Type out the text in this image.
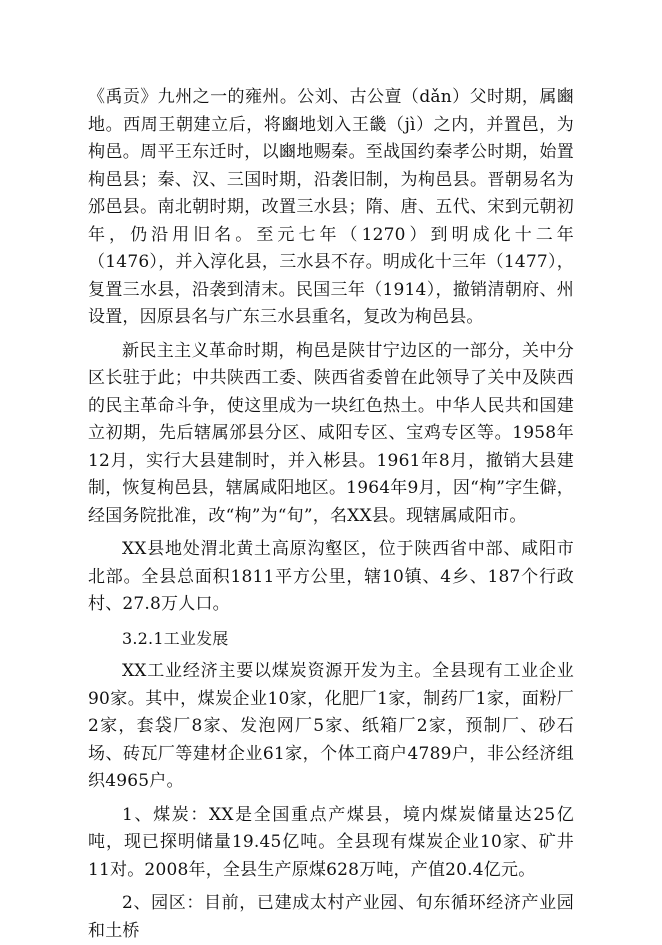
《禹贡》九州之一的雍州。公刘、古公亶（dǎn）父时期，属豳地。西周王朝建立后，将豳地划入王畿（jì）之内，并置邑，为栒邑。周平王东迁时，以豳地赐秦。至战国约秦孝公时期，始置栒邑县；秦、汉、三国时期，沿袭旧制，为栒邑县。晋朝易名为邠邑县。南北朝时期，改置三水县；隋、唐、五代、宋到元朝初年，仍沿用旧名。至元七年（1270）到明成化十二年（1476），并入淳化县，三水县不存。明成化十三年（1477），复置三水县，沿袭到清末。民国三年（1914），撤销清朝府、州设置，因原县名与广东三水县重名，复改为栒邑县。

新民主主义革命时期，栒邑是陕甘宁边区的一部分，关中分区长驻于此；中共陕西工委、陕西省委曾在此领导了关中及陕西的民主革命斗争，使这里成为一块红色热土。中华人民共和国建立初期，先后辖属邠县分区、咸阳专区、宝鸡专区等。1958年12月，实行大县建制时，并入彬县。1961年8月，撤销大县建制，恢复栒邑县，辖属咸阳地区。1964年9月，因“栒”字生僻，经国务院批准，改“栒”为“旬”，名XX县。现辖属咸阳市。

XX县地处渭北黄土高原沟壑区，位于陕西省中部、咸阳市北部。全县总面积1811平方公里，辖10镇、4乡、187个行政村、27.8万人口。

3.2.1工业发展

XX工业经济主要以煤炭资源开发为主。全县现有工业企业90家。其中，煤炭企业10家，化肥厂1家，制药厂1家，面粉厂2家，套袋厂8家、发泡网厂5家、纸箱厂2家，预制厂、砂石场、砖瓦厂等建材企业61家，个体工商户4789户，非公经济组织4965户。

1、煤炭：XX是全国重点产煤县，境内煤炭储量达25亿吨，现已探明储量19.45亿吨。全县现有煤炭企业10家、矿井11对。2008年，全县生产原煤628万吨，产值20.4亿元。

2、园区：目前，已建成太村产业园、旬东循环经济产业园和土桥
